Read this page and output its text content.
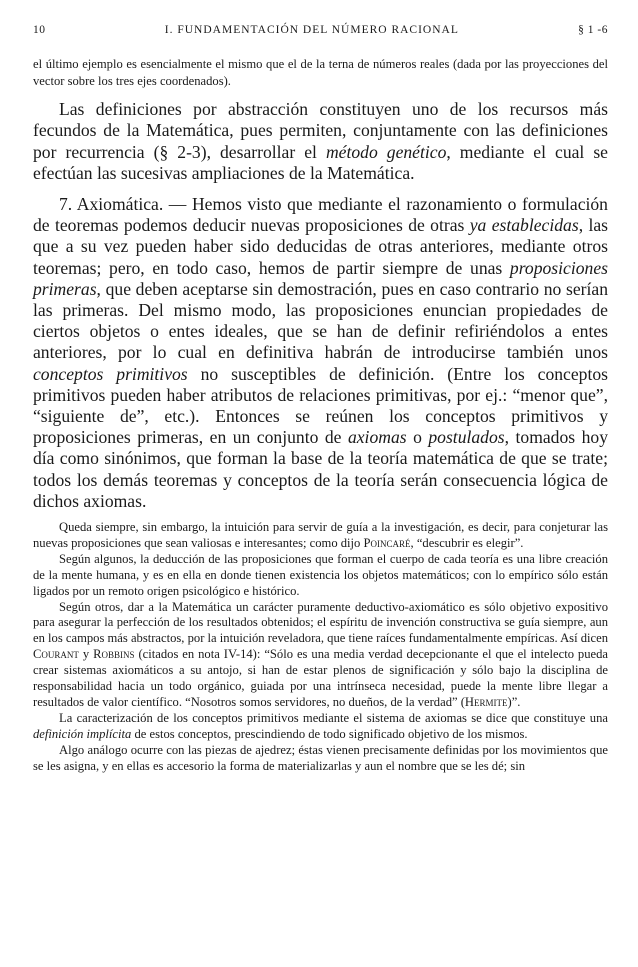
10	I. FUNDAMENTACIÓN DEL NÚMERO RACIONAL	§ 1 -6

el último ejemplo es esencialmente el mismo que el de la terna de números reales (dada por las proyecciones del vector sobre los tres ejes coordenados).

Las definiciones por abstracción constituyen uno de los recursos más fecundos de la Matemática, pues permiten, conjuntamente con las definiciones por recurrencia (§ 2-3), desarrollar el método genético, mediante el cual se efectúan las sucesivas ampliaciones de la Matemática.

7. Axiomática. — Hemos visto que mediante el razonamiento o formulación de teoremas podemos deducir nuevas proposiciones de otras ya establecidas, las que a su vez pueden haber sido deducidas de otras anteriores, mediante otros teoremas; pero, en todo caso, hemos de partir siempre de unas proposiciones primeras, que deben aceptarse sin demostración, pues en caso contrario no serían las primeras. Del mismo modo, las proposiciones enuncian propiedades de ciertos objetos o entes ideales, que se han de definir refiriéndolos a entes anteriores, por lo cual en definitiva habrán de introducirse también unos conceptos primitivos no susceptibles de definición. (Entre los conceptos primitivos pueden haber atributos de relaciones primitivas, por ej.: “menor que”, “siguiente de”, etc.). Entonces se reúnen los conceptos primitivos y proposiciones primeras, en un conjunto de axiomas o postulados, tomados hoy día como sinónimos, que forman la base de la teoría matemática de que se trate; todos los demás teoremas y conceptos de la teoría serán consecuencia lógica de dichos axiomas.

Queda siempre, sin embargo, la intuición para servir de guía a la investigación, es decir, para conjeturar las nuevas proposiciones que sean valiosas e interesantes; como dijo Poincaré, “descubrir es elegir”.

Según algunos, la deducción de las proposiciones que forman el cuerpo de cada teoría es una libre creación de la mente humana, y es en ella en donde tienen existencia los objetos matemáticos; con lo empírico sólo están ligados por un remoto origen psicológico e histórico.

Según otros, dar a la Matemática un carácter puramente deductivo-axiomático es sólo objetivo expositivo para asegurar la perfección de los resultados obtenidos; el espíritu de invención constructiva se guía siempre, aun en los campos más abstractos, por la intuición reveladora, que tiene raíces fundamentalmente empíricas. Así dicen Courant y Robbins (citados en nota IV-14): “Sólo es una media verdad decepcionante el que el intelecto pueda crear sistemas axiomáticos a su antojo, si han de estar plenos de significación y sólo bajo la disciplina de responsabilidad hacia un todo orgánico, guiada por una intrínseca necesidad, puede la mente libre llegar a resultados de valor científico. “Nosotros somos servidores, no dueños, de la verdad” (Hermite)”.

La caracterización de los conceptos primitivos mediante el sistema de axiomas se dice que constituye una definición implícita de estos conceptos, prescindiendo de todo significado objetivo de los mismos.

Algo análogo ocurre con las piezas de ajedrez; éstas vienen precisamente definidas por los movimientos que se les asigna, y en ellas es accesorio la forma de materializarlas y aun el nombre que se les dé; sin
